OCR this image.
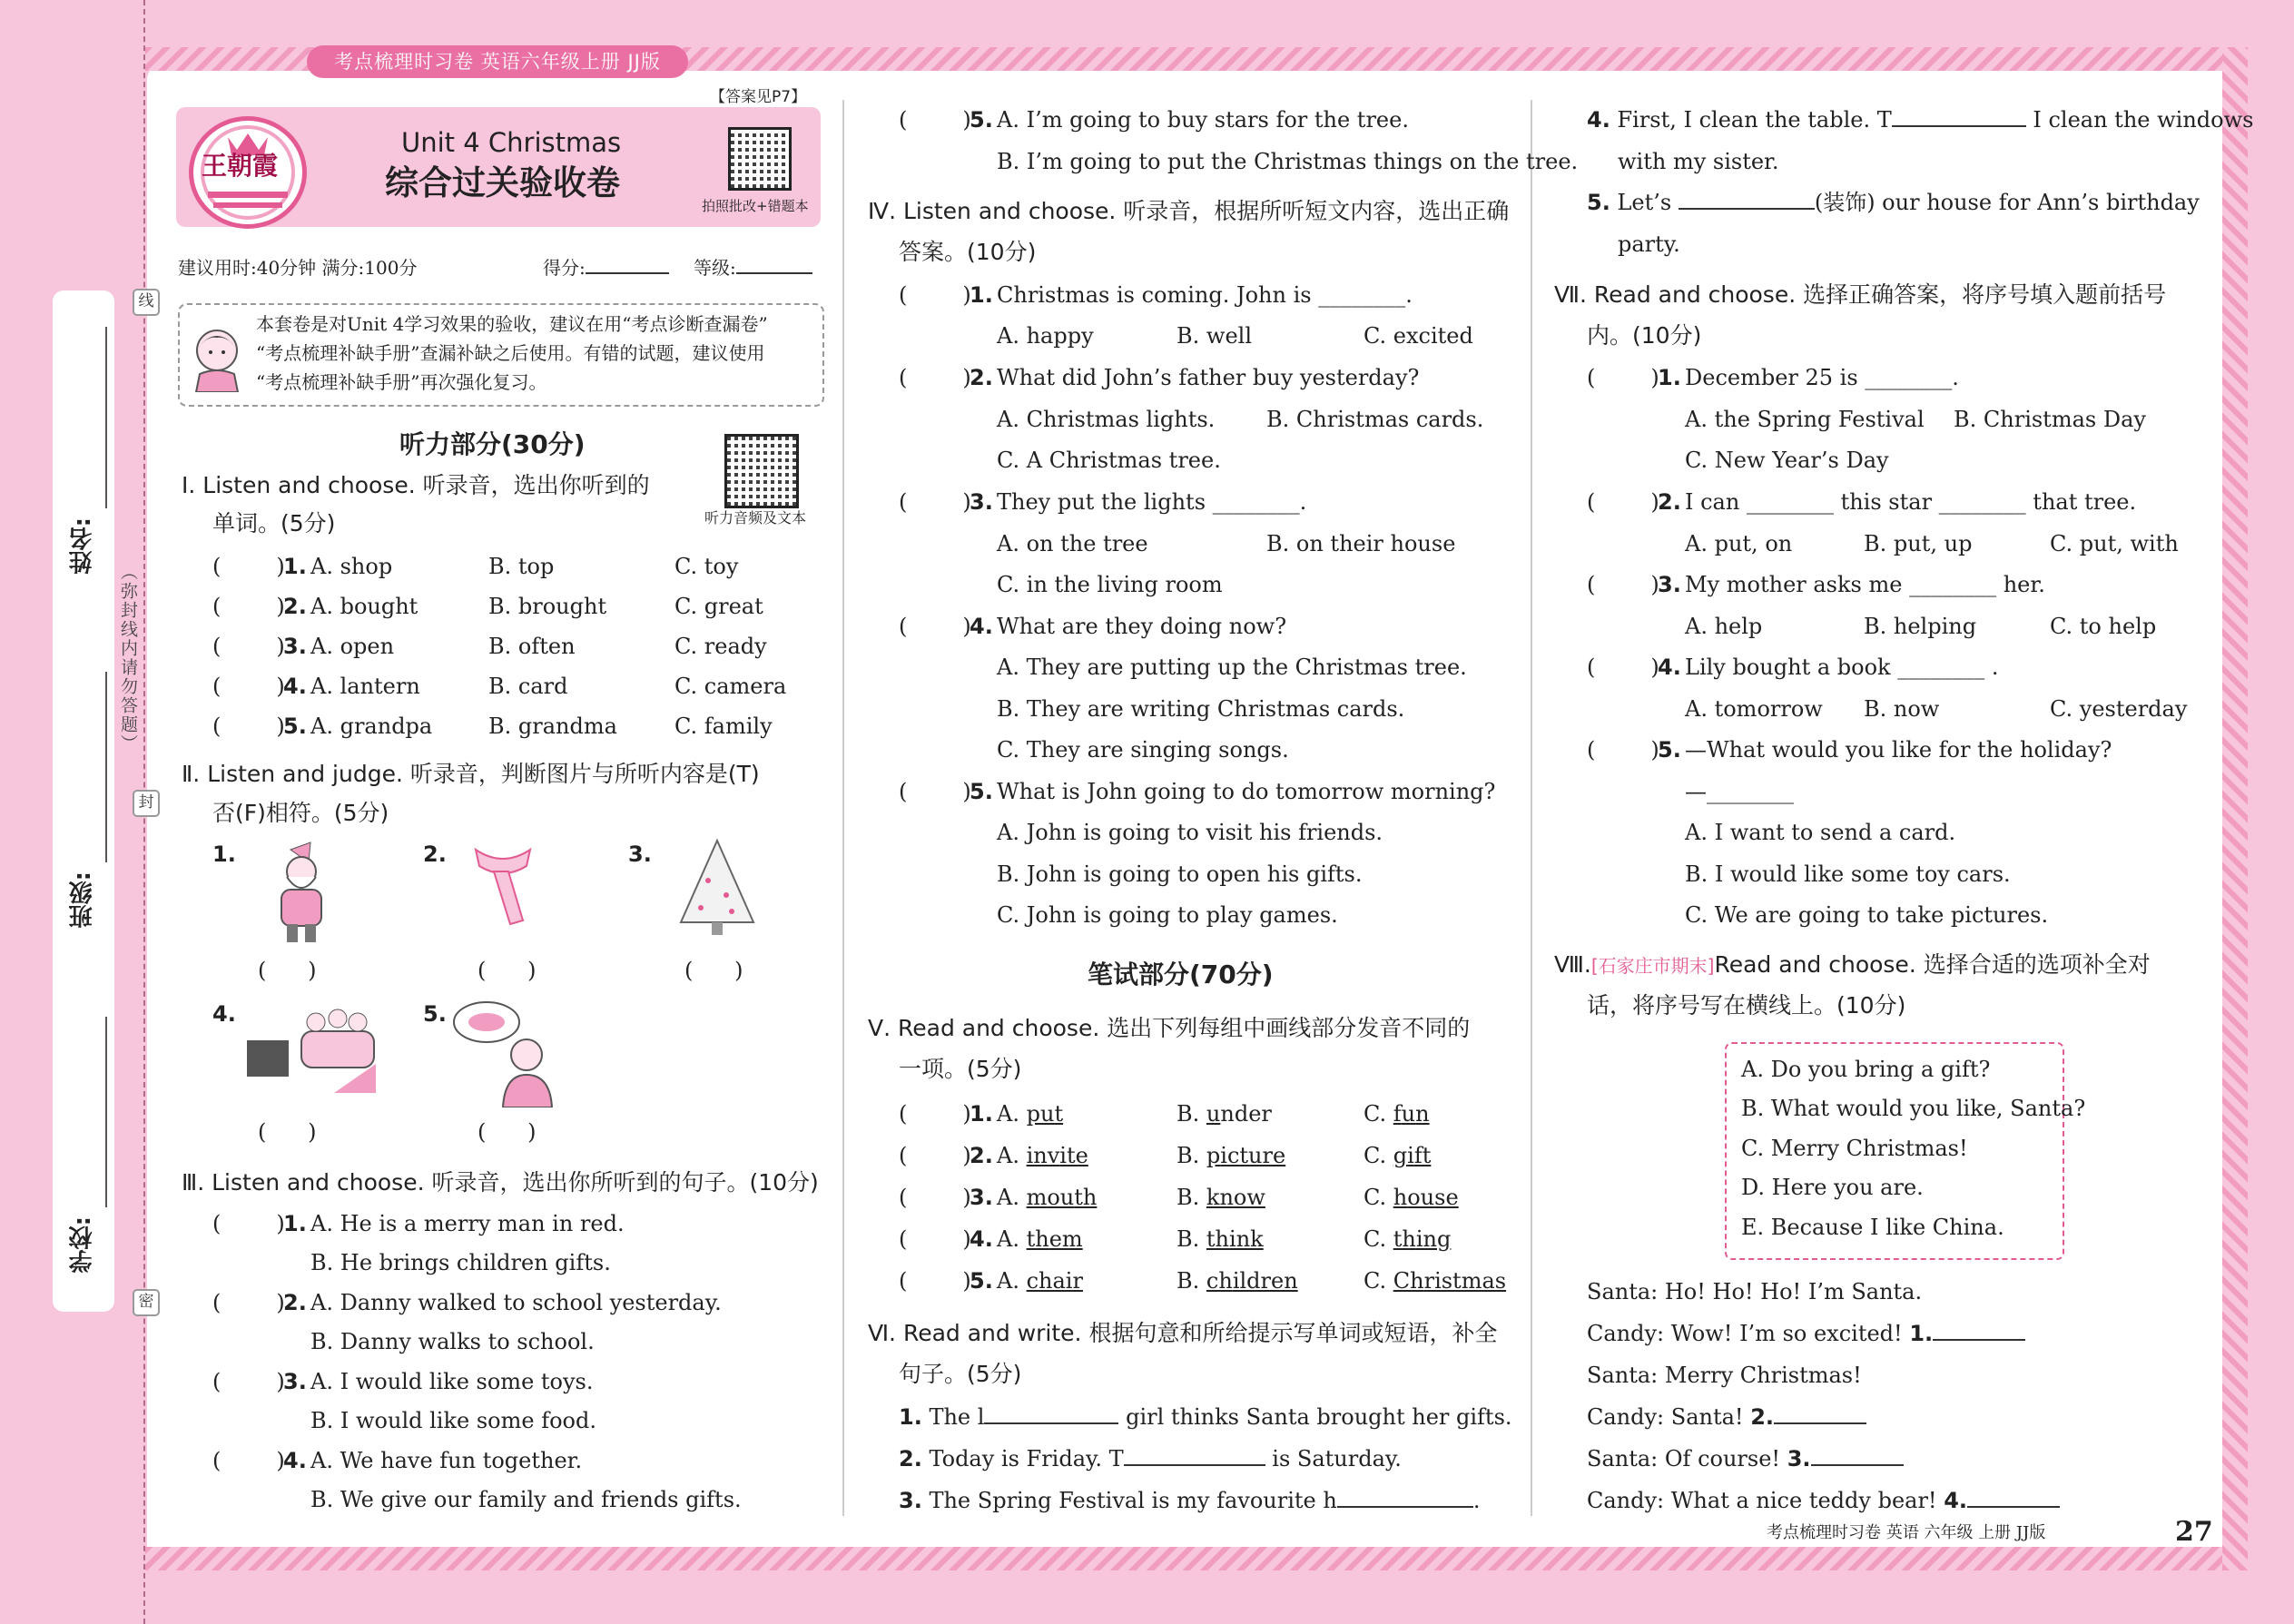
考点梳理时习卷 英语六年级上册 JJ版
姓名:
班级:
学校:
（弥封线内请勿答题）
线
封
密
【答案见P7】
王朝霞
Unit 4 Christmas
综合过关验收卷
拍照批改+错题本
建议用时:40分钟 满分:100分	得分:	等级:
本套卷是对Unit 4学习效果的验收，建议在用“考点诊断查漏卷”
“考点梳理补缺手册”查漏补缺之后使用。有错的试题，建议使用
“考点梳理补缺手册”再次强化复习。
听力部分(30分)
听力音频及文本
Ⅰ. Listen and choose. 听录音，选出你听到的
单词。(5分)
(        )
1. A. shop	B. top	C. toy
(        )
2. A. bought	B. brought	C. great
(        )
3. A. open	B. often	C. ready
(        )
4. A. lantern	B. card	C. camera
(        )
5. A. grandpa	B. grandma	C. family
Ⅱ. Listen and judge. 听录音，判断图片与所听内容是(T)
否(F)相符。(5分)
1.
(      )
2.
(      )
3.
(      )
4.
(      )
5.
(      )
Ⅲ. Listen and choose. 听录音，选出你所听到的句子。(10分)
(        )
1. A. He is a merry man in red.
B. He brings children gifts.
(        )
2. A. Danny walked to school yesterday.
B. Danny walks to school.
(        )
3. A. I would like some toys.
B. I would like some food.
(        )
4. A. We have fun together.
B. We give our family and friends gifts.
(        )
5. A. I’m going to buy stars for the tree.
B. I’m going to put the Christmas things on the tree.
Ⅳ. Listen and choose. 听录音，根据所听短文内容，选出正确
答案。(10分)
(        )
1. Christmas is coming. John is ________.
A. happy	B. well	C. excited
(        )
2. What did John’s father buy yesterday?
A. Christmas lights. B. Christmas cards.
C. A Christmas tree.
(        )
3. They put the lights ________.
A. on the tree	B. on their house
C. in the living room
(        )
4. What are they doing now?
A. They are putting up the Christmas tree.
B. They are writing Christmas cards.
C. They are singing songs.
(        )
5. What is John going to do tomorrow morning?
A. John is going to visit his friends.
B. John is going to open his gifts.
C. John is going to play games.
笔试部分(70分)
Ⅴ. Read and choose. 选出下列每组中画线部分发音不同的
一项。(5分)
(        )
1. A. put	B. under	C. fun
(        )
2. A. invite	B. picture	C. gift
(        )
3. A. mouth	B. know	C. house
(        )
4. A. them	B. think	C. thing
(        )
5. A. chair	B. children	C. Christmas
Ⅵ. Read and write. 根据句意和所给提示写单词或短语，补全
句子。(5分)
1. The l	girl thinks Santa brought her gifts.
2. Today is Friday. T	is Saturday.
3. The Spring Festival is my favourite h	.
4. First, I clean the table. T	I clean the windows
with my sister.
5. Let’s	(装饰) our house for Ann’s birthday
party.
Ⅶ. Read and choose. 选择正确答案，将序号填入题前括号
内。(10分)
(        )
1. December 25 is ________.
A. the Spring Festival B. Christmas Day
C. New Year’s Day
(        )
2. I can ________ this star ________ that tree.
A. put, on	B. put, up	C. put, with
(        )
3. My mother asks me ________ her.
A. help	B. helping	C. to help
(        )
4. Lily bought a book ________ .
A. tomorrow B. now	C. yesterday
(        )
5. —What would you like for the holiday?
—________
A. I want to send a card.
B. I would like some toy cars.
C. We are going to take pictures.
Ⅷ.[石家庄市期末]Read and choose. 选择合适的选项补全对
话，将序号写在横线上。(10分)
A. Do you bring a gift?
B. What would you like, Santa?
C. Merry Christmas!
D. Here you are.
E. Because I like China.
Santa: Ho! Ho! Ho! I’m Santa.
Candy: Wow! I’m so excited! 1.
Santa: Merry Christmas!
Candy: Santa! 2.
Santa: Of course! 3.
Candy: What a nice teddy bear! 4.
考点梳理时习卷 英语 六年级 上册 JJ版	27
